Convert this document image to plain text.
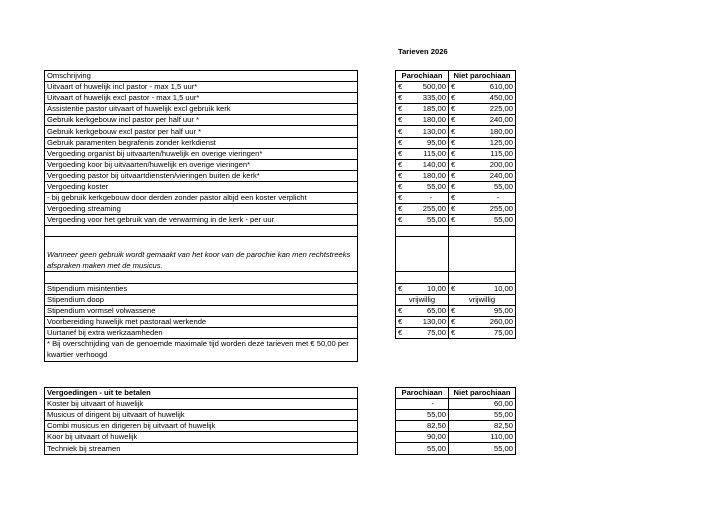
Tarieven 2026
Omschrijving		Parochiaan	Niet parochiaan
Uitvaart of huwelijk incl pastor - max 1,5 uur*		€ 500,00	€ 610,00

Uitvaart of huwelijk excl pastor - max 1,5 uur*		€ 335,00	€ 450,00

Assistentie pastor uitvaart of huwelijk excl gebruik kerk		€ 185,00	€ 225,00

Gebruik kerkgebouw incl pastor per half uur *		€ 180,00	€ 240,00

Gebruik kerkgebouw excl pastor per half uur *		€ 130,00	€ 180,00

Gebruik paramenten begrafenis zonder kerkdienst		€ 95,00	€ 125,00

Vergoeding organist bij uitvaarten/huwelijk en overige vieringen*		€ 115,00	€ 115,00

Vergoeding koor bij uitvaarten/huwelijk en overige vieringen*		€ 140,00	€ 200,00

Vergoeding pastor bij uitvaartdiensten/vieringen buiten de kerk*		€ 180,00	€ 240,00

Vergoeding koster		€ 55,00	€ 55,00

- bij gebruik kerkgebouw door derden zonder pastor altijd een koster verplicht		€ -	€ -

Vergoeding streaming		€ 255,00	€ 255,00

Vergoeding voor het gebruik van de verwarming in de kerk - per uur		€ 55,00	€ 55,00

Wanneer geen gebruik wordt gemaakt van het koor van de parochie kan men rechtstreeks afspraken maken met de musicus.			

Stipendium misintenties		€ 10,00	€ 10,00

Stipendium doop		vrijwillig	vrijwillig
Stipendium vormsel volwassene		€ 65,00	€ 95,00

Voorbereiding huwelijk met pastoraal werkende		€ 130,00	€ 260,00

Uurtarief bij extra werkzaamheden		€ 75,00	€ 75,00

* Bij overschrijding van de genoemde maximale tijd worden deze tarieven met € 50,00 per kwartier verhoogd			
Vergoedingen - uit te betalen		Parochiaan	Niet parochiaan
Koster bij uitvaart of huwelijk		-	60,00
Musicus of dirigent bij uitvaart of huwelijk		55,00	55,00
Combi musicus en dirigeren bij uitvaart of huwelijk		82,50	82,50
Koor bij uitvaart of huwelijk		90,00	110,00
Techniek bij streamen		55,00	55,00
